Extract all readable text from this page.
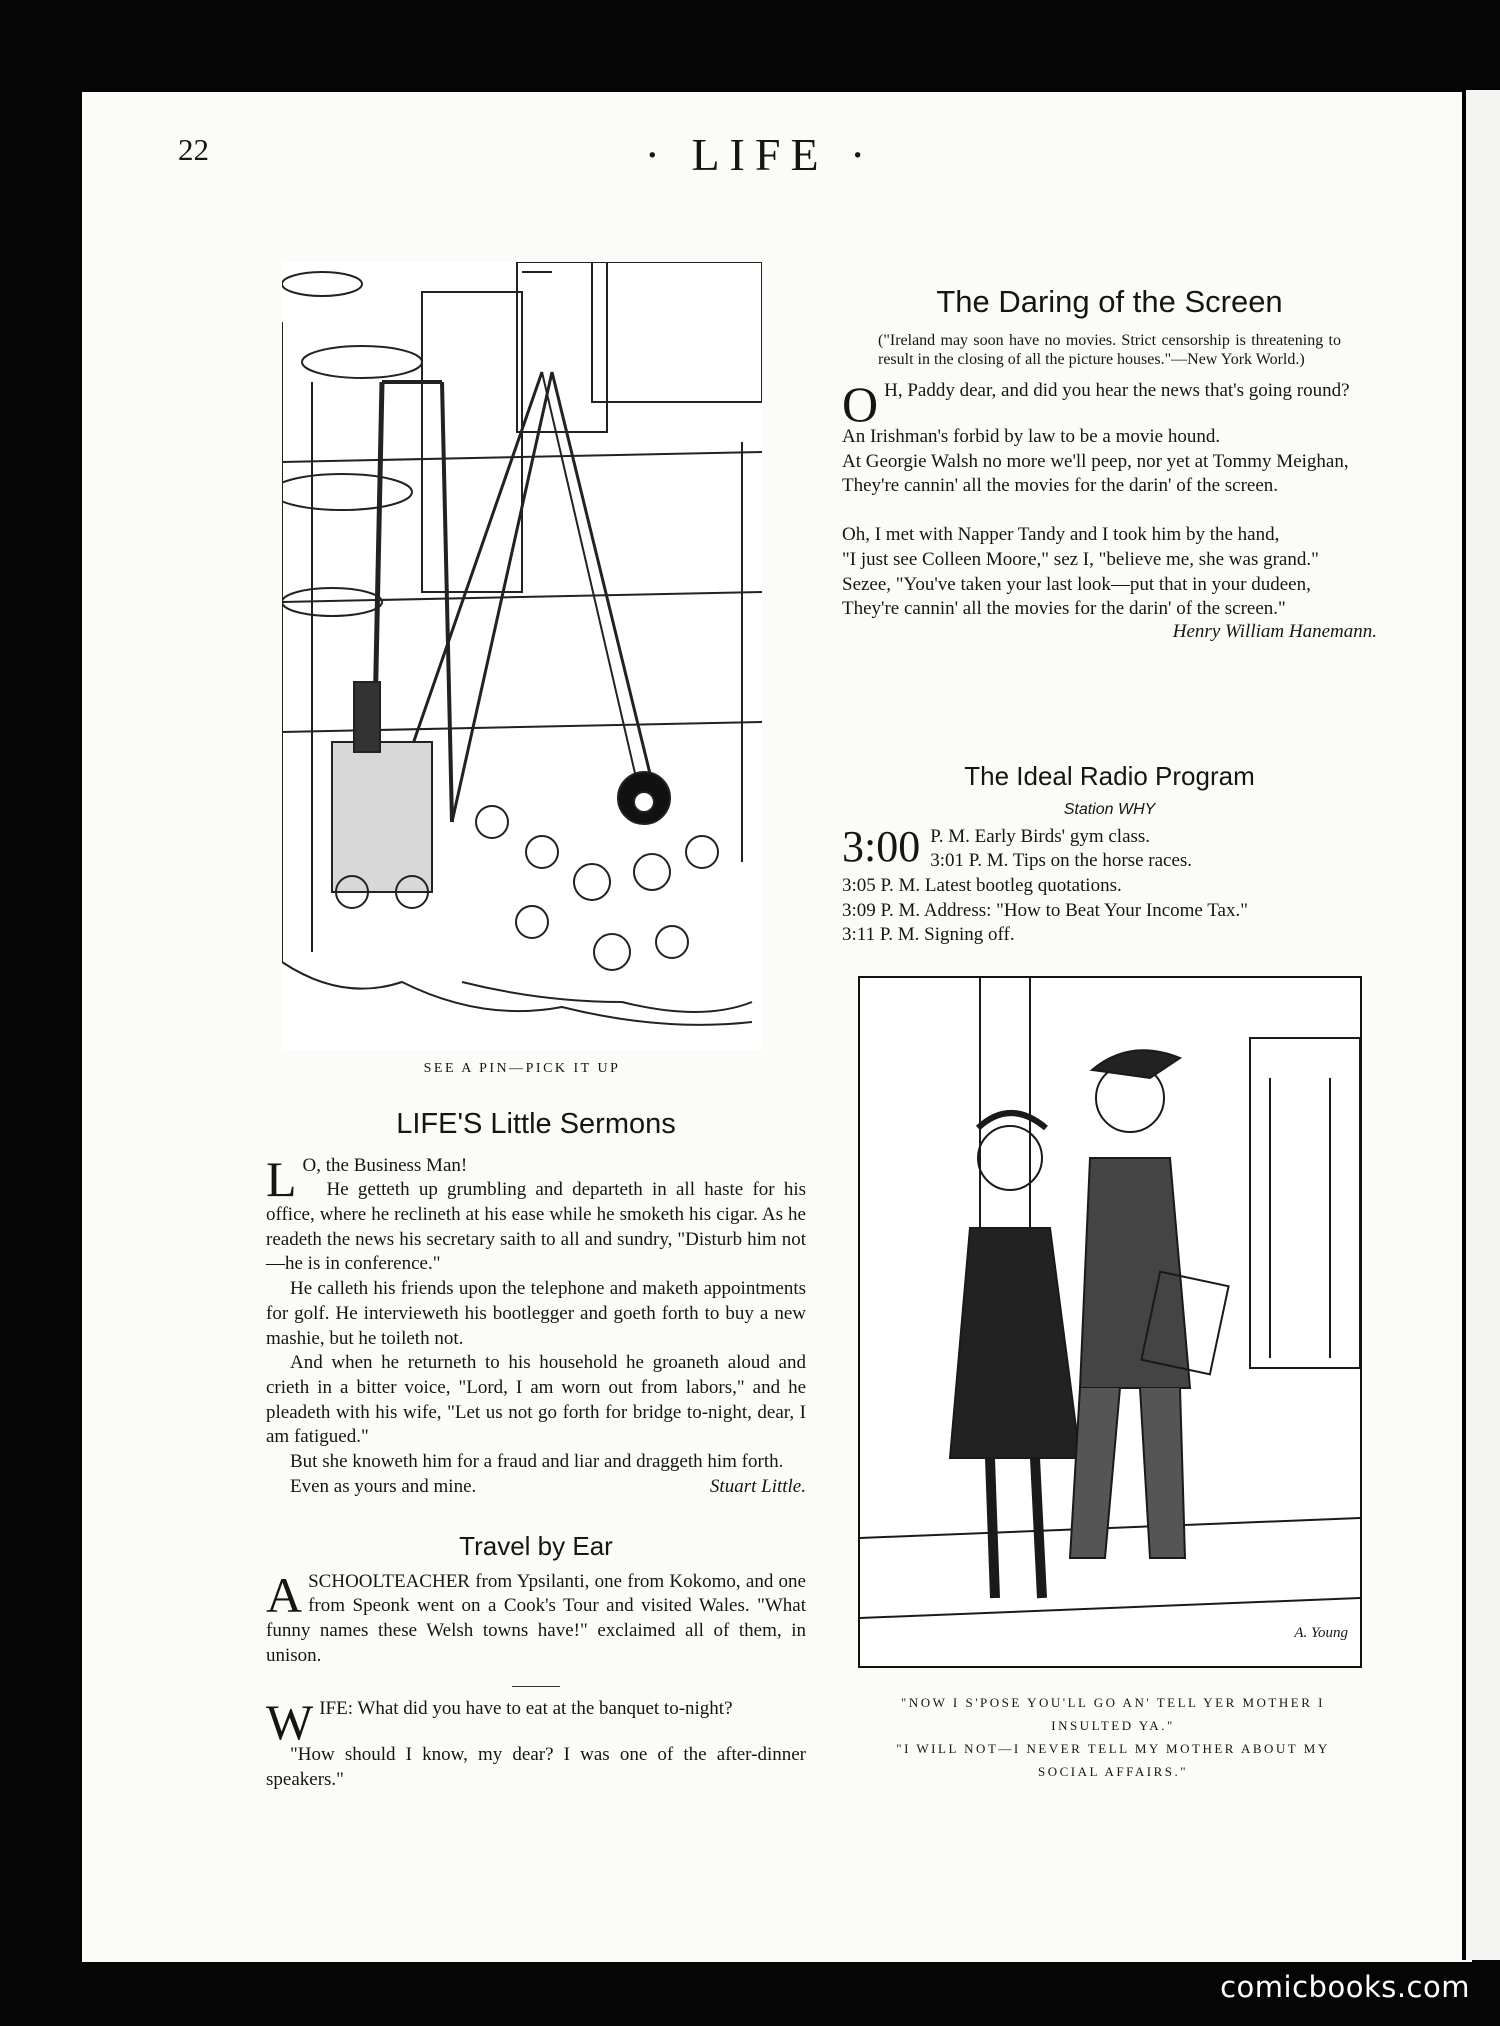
22	· LIFE ·
SEE A PIN—PICK IT UP
The Daring of the Screen

("Ireland may soon have no movies. Strict censorship is threatening to result in the closing of all the picture houses."—New York World.)

O H, Paddy dear, and did you hear the news that's going round?

An Irishman's forbid by law to be a movie hound.

At Georgie Walsh no more we'll peep, nor yet at Tommy Meighan,

They're cannin' all the movies for the darin' of the screen.

Oh, I met with Napper Tandy and I took him by the hand,

"I just see Colleen Moore," sez I, "believe me, she was grand."

Sezee, "You've taken your last look—put that in your dudeen,

They're cannin' all the movies for the darin' of the screen."

Henry William Hanemann.

The Ideal Radio Program

Station WHY

3:00 P. M. Early Birds' gym class.

3:01 P. M. Tips on the horse races.

3:05 P. M. Latest bootleg quotations.

3:09 P. M. Address: "How to Beat Your Income Tax."

3:11 P. M. Signing off.

A. Young
"NOW I S'POSE YOU'LL GO AN' TELL YER MOTHER I INSULTED YA."
"I WILL NOT—I NEVER TELL MY MOTHER ABOUT MY SOCIAL AFFAIRS."
LIFE'S Little Sermons
L O, the Business Man!

He getteth up grumbling and departeth in all haste for his office, where he reclineth at his ease while he smoketh his cigar. As he readeth the news his secretary saith to all and sundry, "Disturb him not—he is in conference."

He calleth his friends upon the telephone and maketh appointments for golf. He intervieweth his bootlegger and goeth forth to buy a new mashie, but he toileth not.

And when he returneth to his household he groaneth aloud and crieth in a bitter voice, "Lord, I am worn out from labors," and he pleadeth with his wife, "Let us not go forth for bridge to-night, dear, I am fatigued."

But she knoweth him for a fraud and liar and draggeth him forth.

Even as yours and mine.	Stuart Little.

Travel by Ear
A SCHOOLTEACHER from Ypsilanti, one from Kokomo, and one from Speonk went on a Cook's Tour and visited Wales. "What funny names these Welsh towns have!" exclaimed all of them, in unison.

W IFE: What did you have to eat at the banquet to-night?

"How should I know, my dear? I was one of the after-dinner speakers."

comicbooks.com
